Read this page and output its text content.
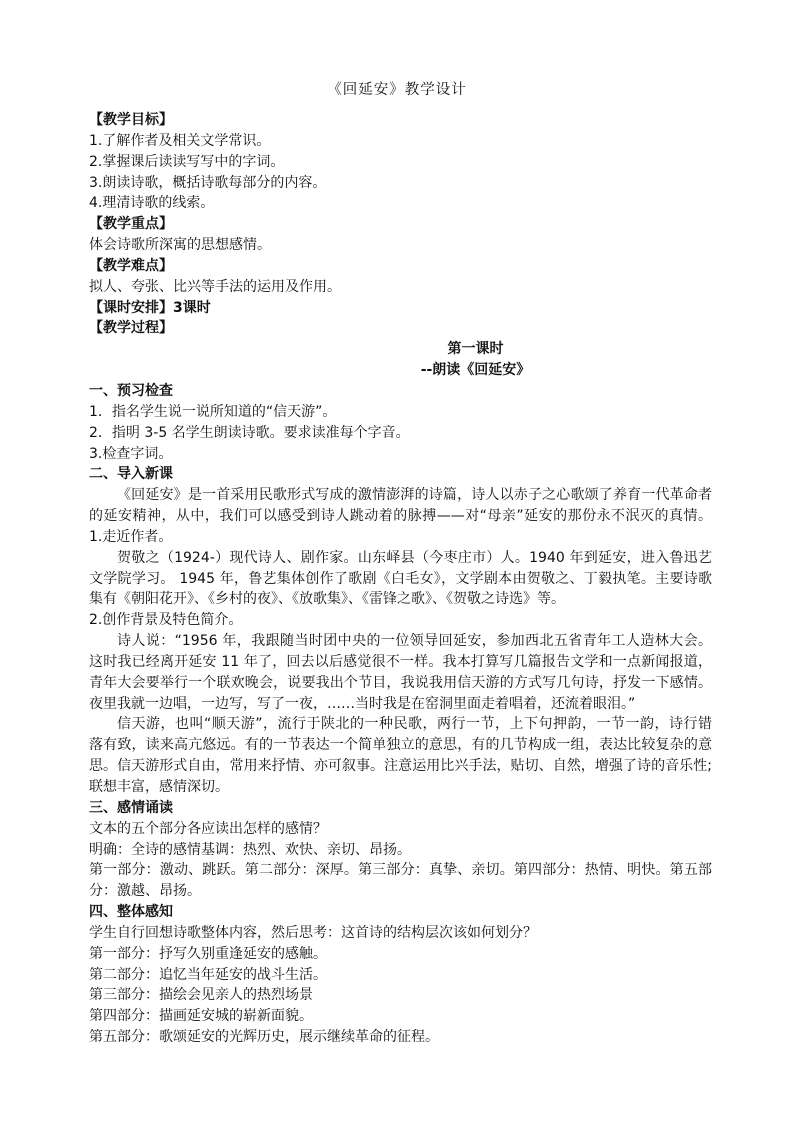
《回延安》教学设计
【教学目标】
1.了解作者及相关文学常识。
2.掌握课后读读写写中的字词。
3.朗读诗歌，概括诗歌每部分的内容。
4.理清诗歌的线索。
【教学重点】
体会诗歌所深寓的思想感情。
【教学难点】
拟人、夸张、比兴等手法的运用及作用。
【课时安排】3课时
【教学过程】
第一课时
--朗读《回延安》
一、预习检查
1．指名学生说一说所知道的“信天游”。
2．指明 3-5 名学生朗读诗歌。要求读准每个字音。
3.检查字词。
二、导入新课
《回延安》是一首采用民歌形式写成的激情澎湃的诗篇，诗人以赤子之心歌颂了养育一代革命者
的延安精神，从中，我们可以感受到诗人跳动着的脉搏——对“母亲”延安的那份永不泯灭的真情。
1.走近作者。
贺敬之（1924-）现代诗人、剧作家。山东峄县（今枣庄市）人。1940 年到延安，进入鲁迅艺
文学院学习。 1945 年，鲁艺集体创作了歌剧《白毛女》，文学剧本由贺敬之、丁毅执笔。主要诗歌
集有《朝阳花开》、《乡村的夜》、《放歌集》、《雷锋之歌》、《贺敬之诗选》等。
2.创作背景及特色简介。
诗人说：“1956 年，我跟随当时团中央的一位领导回延安，参加西北五省青年工人造林大会。
这时我已经离开延安 11 年了，回去以后感觉很不一样。我本打算写几篇报告文学和一点新闻报道，
青年大会要举行一个联欢晚会，说要我出个节目，我说我用信天游的方式写几句诗，抒发一下感情。
夜里我就一边唱，一边写，写了一夜，……当时我是在窑洞里面走着唱着，还流着眼泪。”
信天游，也叫“顺天游”，流行于陕北的一种民歌，两行一节，上下句押韵，一节一韵，诗行错
落有致，读来高亢悠远。有的一节表达一个简单独立的意思，有的几节构成一组，表达比较复杂的意
思。信天游形式自由，常用来抒情、亦可叙事。注意运用比兴手法，贴切、自然，增强了诗的音乐性;
联想丰富，感情深切。
三、感情诵读
文本的五个部分各应读出怎样的感情？
明确：全诗的感情基调：热烈、欢快、亲切、昂扬。
第一部分：激动、跳跃。第二部分：深厚。第三部分：真挚、亲切。第四部分：热情、明快。第五部
分：激越、昂扬。
四、整体感知
学生自行回想诗歌整体内容，然后思考：这首诗的结构层次该如何划分？
第一部分：抒写久别重逢延安的感触。
第二部分：追忆当年延安的战斗生活。
第三部分：描绘会见亲人的热烈场景
第四部分：描画延安城的崭新面貌。
第五部分：歌颂延安的光辉历史，展示继续革命的征程。
